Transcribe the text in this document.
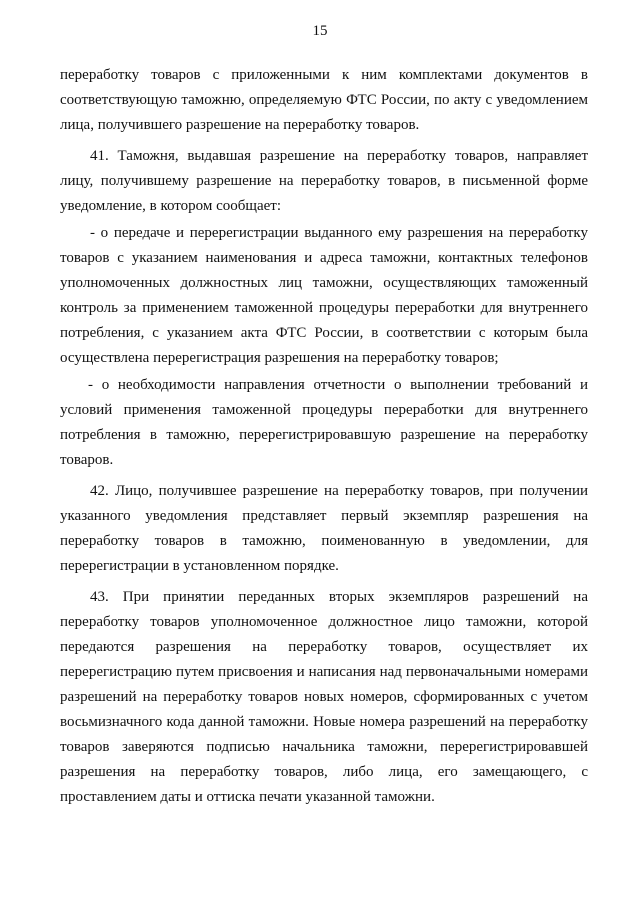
15
переработку товаров с приложенными к ним комплектами документов в
соответствующую таможню, определяемую ФТС России, по акту с уведомлением
лица, получившего разрешение на переработку товаров.
41. Таможня, выдавшая разрешение на переработку товаров, направляет
лицу, получившему разрешение на переработку товаров, в письменной форме
уведомление, в котором сообщает:
- о передаче и перерегистрации выданного ему разрешения на переработку
товаров с указанием наименования и адреса таможни, контактных телефонов
уполномоченных должностных лиц таможни, осуществляющих таможенный
контроль за применением таможенной процедуры переработки для внутреннего
потребления, с указанием акта ФТС России, в соответствии с которым была
осуществлена перерегистрация разрешения на переработку товаров;
- о необходимости направления отчетности о выполнении требований и
условий применения таможенной процедуры переработки для внутреннего
потребления в таможню, перерегистрировавшую разрешение на переработку
товаров.
42. Лицо, получившее разрешение на переработку товаров, при получении
указанного уведомления представляет первый экземпляр разрешения на
переработку товаров в таможню, поименованную в уведомлении, для
перерегистрации в установленном порядке.
43. При принятии переданных вторых экземпляров разрешений на
переработку товаров уполномоченное должностное лицо таможни, которой
передаются разрешения на переработку товаров, осуществляет их
перерегистрацию путем присвоения и написания над первоначальными номерами
разрешений на переработку товаров новых номеров, сформированных с учетом
восьмизначного кода данной таможни. Новые номера разрешений на переработку
товаров заверяются подписью начальника таможни, перерегистрировавшей
разрешения на переработку товаров, либо лица, его замещающего, с
проставлением даты и оттиска печати указанной таможни.
